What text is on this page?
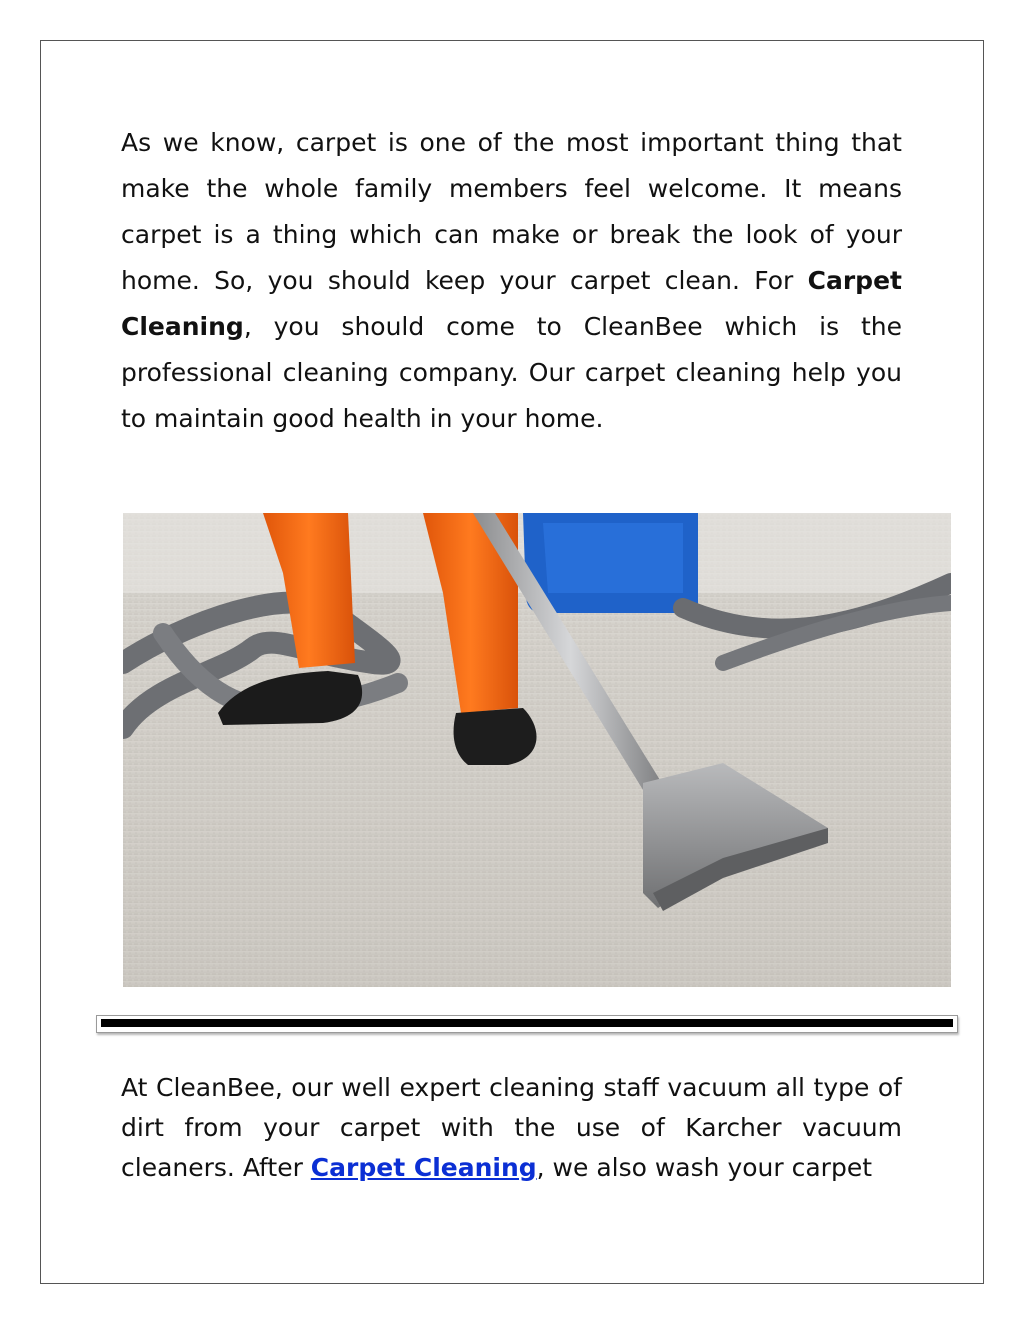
As we know, carpet is one of the most important thing that make the whole family members feel welcome. It means carpet is a thing which can make or break the look of your home. So, you should keep your carpet clean. For Carpet Cleaning, you should come to CleanBee which is the professional cleaning company. Our carpet cleaning help you to maintain good health in your home.

At CleanBee, our well expert cleaning staff vacuum all type of dirt from your carpet with the use of Karcher vacuum cleaners. After Carpet Cleaning, we also wash your carpet
